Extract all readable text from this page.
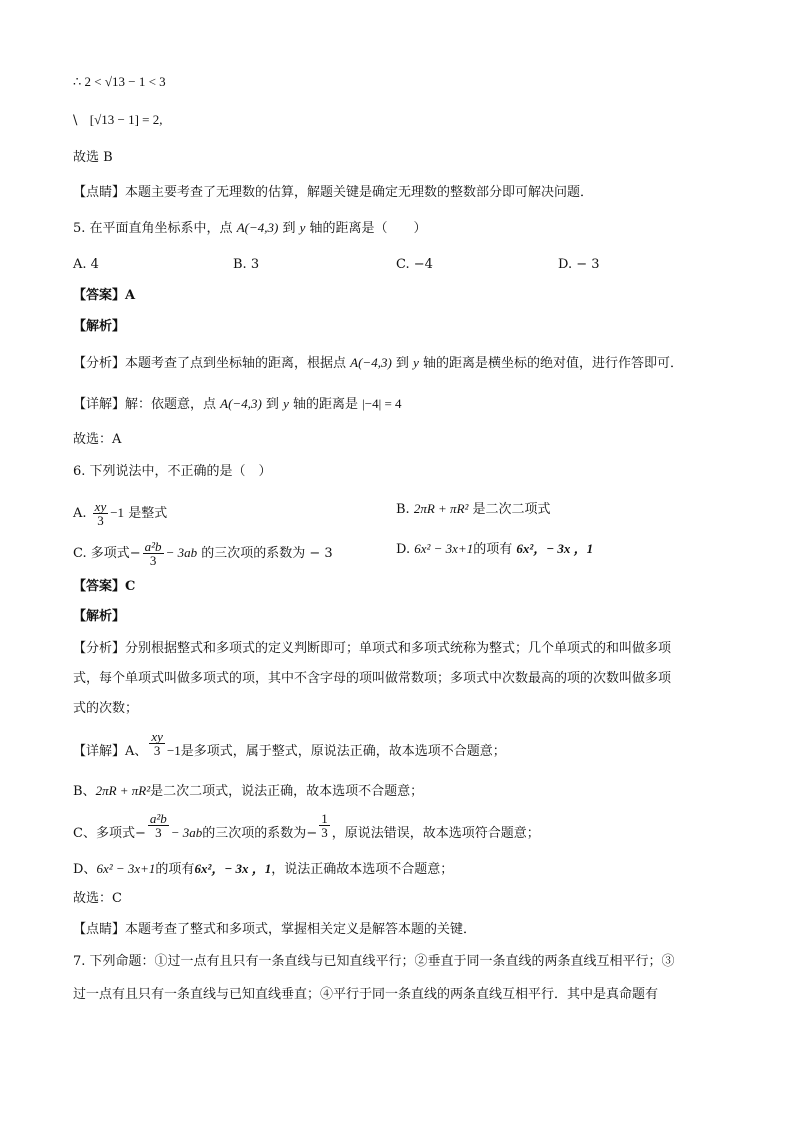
∴ 2 < √13 − 1 < 3
\ [√13 − 1] = 2,
故选 B
【点睛】本题主要考查了无理数的估算，解题关键是确定无理数的整数部分即可解决问题．
5. 在平面直角坐标系中，点 A(−4,3) 到 y 轴的距离是（　　）
A. 4	B. 3	C. −4	D. − 3
【答案】A
【解析】
【分析】本题考查了点到坐标轴的距离，根据点 A(−4,3) 到 y 轴的距离是横坐标的绝对值，进行作答即可．
【详解】解：依题意，点 A(−4,3) 到 y 轴的距离是 |−4| = 4
故选：A
6. 下列说法中，不正确的是（　）
A. $\frac{xy}{3} -1$ 是整式	B. 2πR + πR² 是二次二项式
C. 多项式− $\frac{\text{a²b}}{3} - 3ab$ 的三次项的系数为 − 3	D. 6x² − 3x+1的项有 6x²，− 3x ，1
【答案】C
【解析】
【分析】分别根据整式和多项式的定义判断即可；单项式和多项式统称为整式；几个单项式的和叫做多项
式，每个单项式叫做多项式的项，其中不含字母的项叫做常数项；多项式中次数最高的项的次数叫做多项
式的次数；
【详解】A、 $\frac{xy}{3} -1$是多项式，属于整式，原说法正确，故本选项不合题意；
B、2πR + πR²是二次二项式，说法正确，故本选项不合题意；
C、多项式− $\frac{\text{a²b}}{3} - 3ab$的三次项的系数为− $\frac{1}{3}$ ，原说法错误，故本选项符合题意；
D、6x² − 3x+1的项有6x²，− 3x ，1，说法正确故本选项不合题意；
故选：C
【点睛】本题考查了整式和多项式，掌握相关定义是解答本题的关键．
7. 下列命题：①过一点有且只有一条直线与已知直线平行；②垂直于同一条直线的两条直线互相平行；③
过一点有且只有一条直线与已知直线垂直；④平行于同一条直线的两条直线互相平行．其中是真命题有
